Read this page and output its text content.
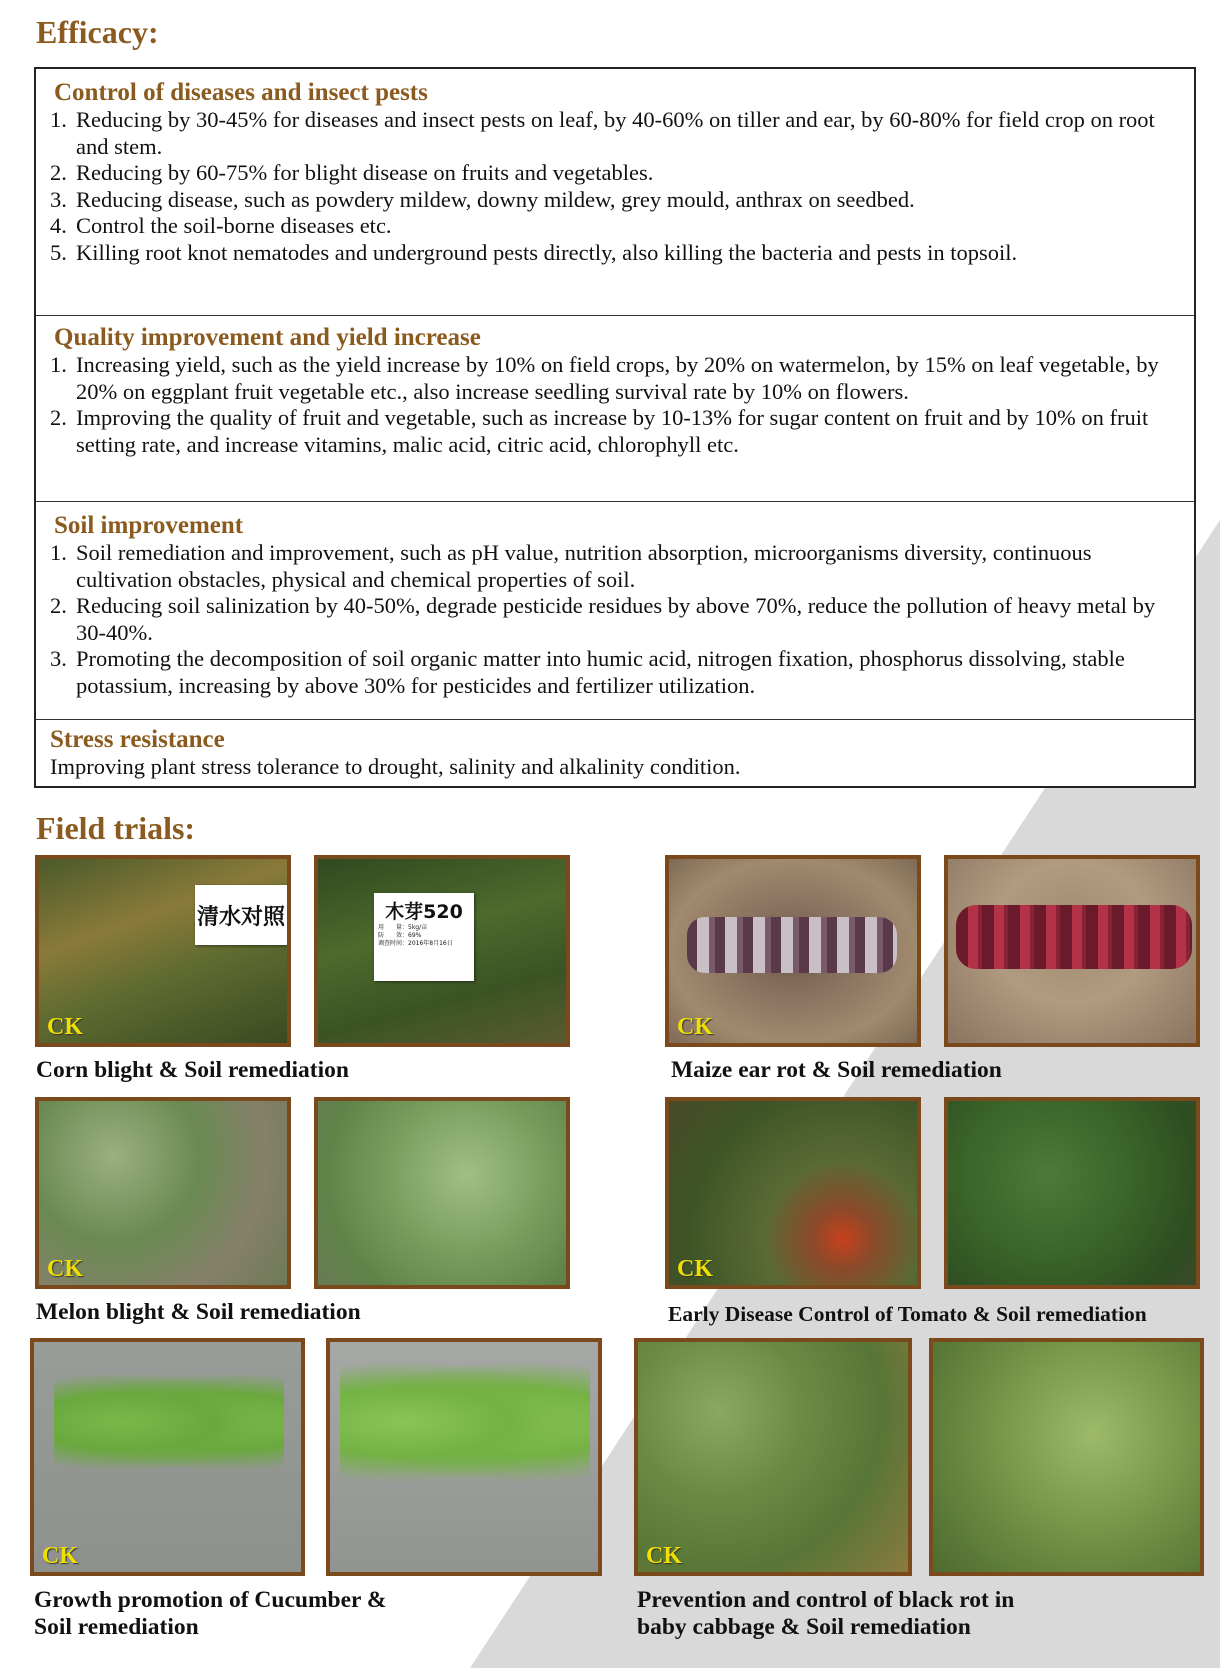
Efficacy:
Control of diseases and insect pests
1. Reducing by 30-45% for diseases and insect pests on leaf, by 40-60% on tiller and ear, by 60-80% for field crop on root and stem.
2. Reducing by 60-75% for blight disease on fruits and vegetables.
3. Reducing disease, such as powdery mildew, downy mildew, grey mould, anthrax on seedbed.
4. Control the soil-borne diseases etc.
5. Killing root knot nematodes and underground pests directly, also killing the bacteria and pests in topsoil.
Quality improvement and yield increase
1. Increasing yield, such as the yield increase by 10% on field crops, by 20% on watermelon, by 15% on leaf vegetable, by 20% on eggplant fruit vegetable etc., also increase seedling survival rate by 10% on flowers.
2. Improving the quality of fruit and vegetable, such as increase by 10-13% for sugar content on fruit and by 10% on fruit setting rate, and increase vitamins, malic acid, citric acid, chlorophyll etc.
Soil improvement
1. Soil remediation and improvement, such as pH value, nutrition absorption, microorganisms diversity, continuous cultivation obstacles, physical and chemical properties of soil.
2. Reducing soil salinization by 40-50%, degrade pesticide residues by above 70%, reduce the pollution of heavy metal by 30-40%.
3. Promoting the decomposition of soil organic matter into humic acid, nitrogen fixation, phosphorus dissolving, stable potassium, increasing by above 30% for pesticides and fertilizer utilization.
Stress resistance
Improving plant stress tolerance to drought, salinity and alkalinity condition.
Field trials:
清水对照
CK
木芽520
用　　量：5kg/亩
防　　效：69%
调查时间：2016年8月16日
Corn blight & Soil remediation
CK
Maize ear rot & Soil remediation
CK
Melon blight & Soil remediation
CK
Early Disease Control of Tomato & Soil remediation
CK
Growth promotion of Cucumber &
Soil remediation
CK
Prevention and control of black rot in
baby cabbage & Soil remediation
